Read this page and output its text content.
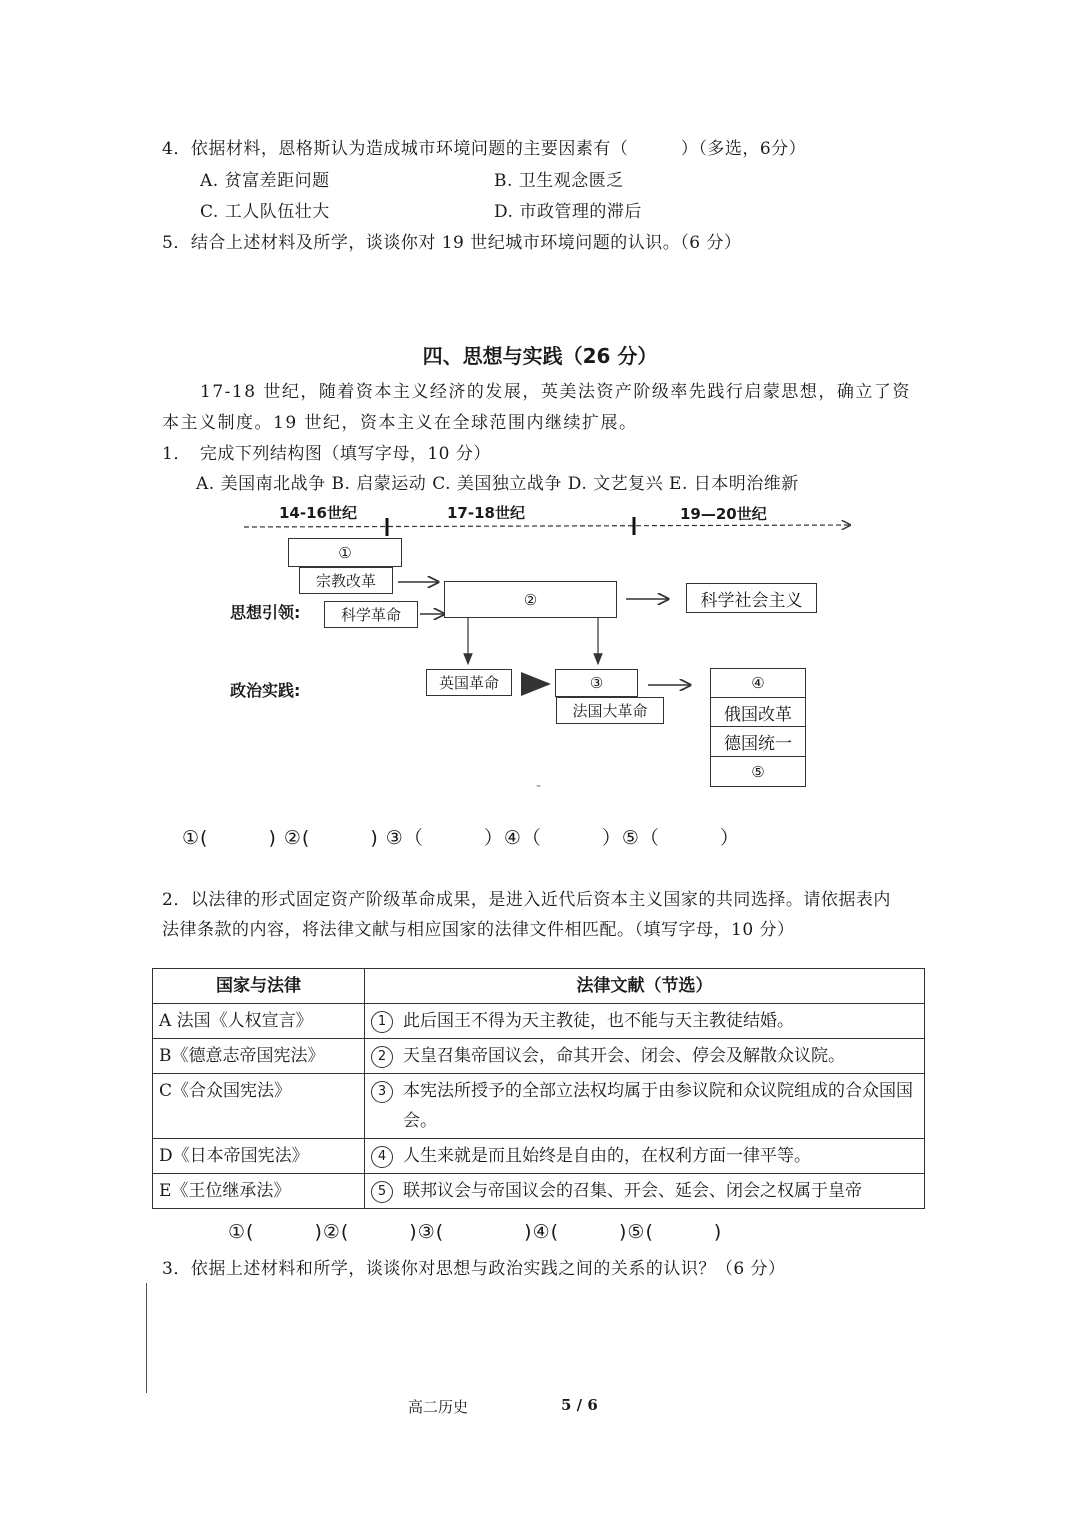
4．依据材料，恩格斯认为造成城市环境问题的主要因素有（　　　）（多选，6分）
A. 贫富差距问题	B. 卫生观念匮乏
C. 工人队伍壮大	D. 市政管理的滞后
5．结合上述材料及所学，谈谈你对 19 世纪城市环境问题的认识。（6 分）
四、思想与实践（26 分）
17-18 世纪，随着资本主义经济的发展，英美法资产阶级率先践行启蒙思想，确立了资
本主义制度。19 世纪，资本主义在全球范围内继续扩展。
1．　完成下列结构图（填写字母，10 分）
A. 美国南北战争 B. 启蒙运动 C. 美国独立战争 D. 文艺复兴 E. 日本明治维新
14-16世纪	17-18世纪	19—20世纪
思想引领:
政治实践:
①
宗教改革
科学革命
②	科学社会主义
英国革命	③
法国大革命
④
俄国改革
德国统一
⑤
-
①(　　　) ②(　　　) ③（　　　）④（　　　）⑤（　　　）
2．以法律的形式固定资产阶级革命成果，是进入近代后资本主义国家的共同选择。请依据表内
法律条款的内容，将法律文献与相应国家的法律文件相匹配。（填写字母，10 分）
国家与法律	法律文献（节选）
A 法国《人权宣言》	1 此后国王不得为天主教徒，也不能与天主教徒结婚。
B《德意志帝国宪法》	2 天皇召集帝国议会，命其开会、闭会、停会及解散众议院。
C《合众国宪法》	3 本宪法所授予的全部立法权均属于由参议院和众议院组成的合众国国会。
D《日本帝国宪法》	4 人生来就是而且始终是自由的，在权利方面一律平等。
E《王位继承法》	5 联邦议会与帝国议会的召集、开会、延会、闭会之权属于皇帝
①(　　　)②(　　　)③(　　　　)④(　　　)⑤(　　　)
3．依据上述材料和所学，谈谈你对思想与政治实践之间的关系的认识？（6 分）
高二历史	5 / 6
